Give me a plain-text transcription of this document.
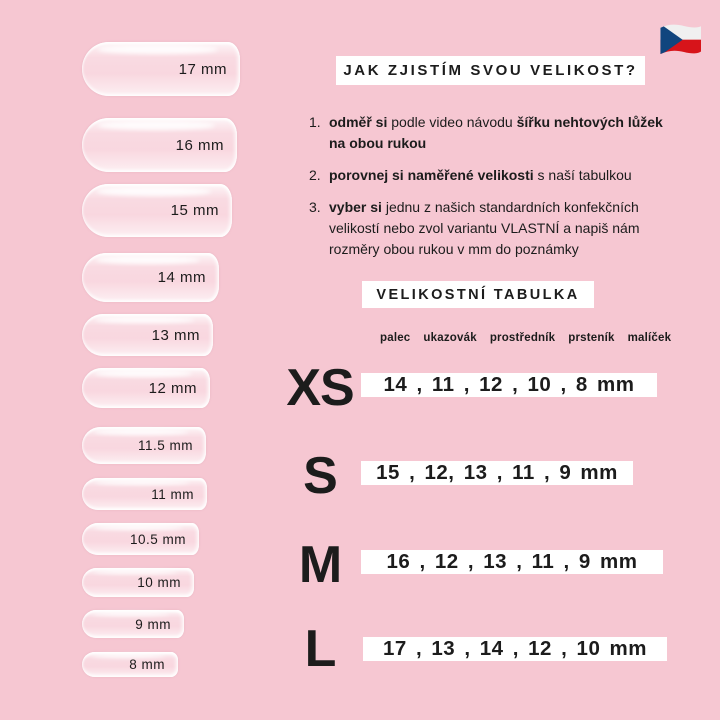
JAK ZJISTÍM SVOU VELIKOST?
1. odměř si podle video návodu šířku nehtových lůžek na obou rukou
2. porovnej si naměřené velikosti s naší tabulkou
3. vyber si jednu z našich standardních konfekčních velikostí nebo zvol variantu VLASTNÍ a napiš nám rozměry obou rukou v mm do poznámky
VELIKOSTNÍ TABULKA
palec ukazovák prostředník prsteník malíček
XS 14 , 11 , 12 , 10 , 8 mm
S	15 , 12, 13 , 11 , 9 mm
M	16 , 12 , 13 , 11 , 9 mm
L	17 , 13 , 14 , 12 , 10 mm
17 mm
16 mm
15 mm
14 mm
13 mm
12 mm
11.5 mm
11 mm
10.5 mm
10 mm
9 mm
8 mm
